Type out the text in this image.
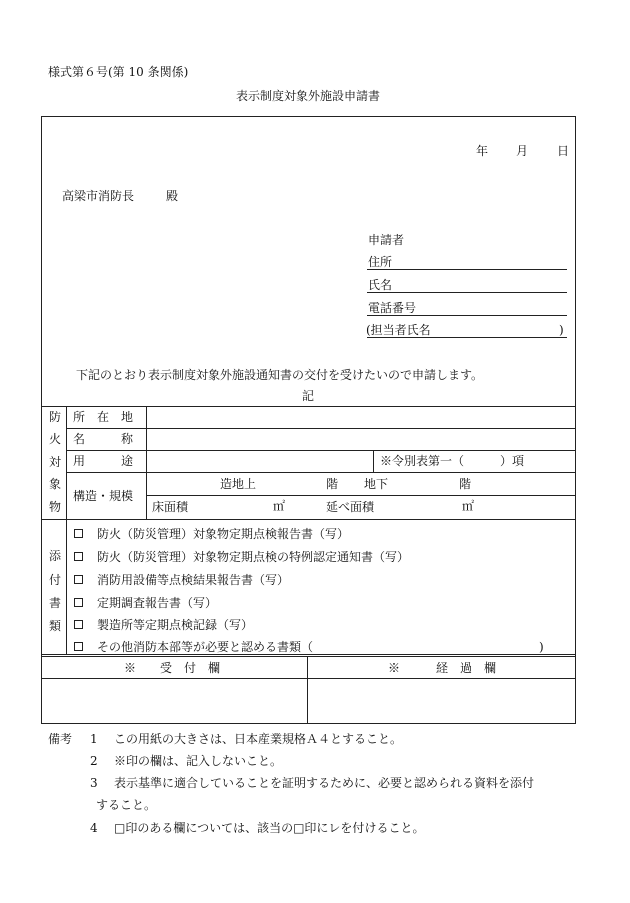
様式第６号(第 10 条関係)
表示制度対象外施設申請書
年 月 日
高梁市消防長	殿
申請者
住所
氏名
電話番号
(担当者氏名	)
下記のとおり表示制度対象外施設通知書の交付を受けたいので申請します。
記
防
火
対
象
物
所　在　地
名　　　称
用　　　途	※令別表第一（　　　）項
構造・規模
造地上	階 地下	階
床面積	㎡	延べ面積	㎡
添
付
書
類
防火（防災管理）対象物定期点検報告書（写）
防火（防災管理）対象物定期点検の特例認定通知書（写）
消防用設備等点検結果報告書（写）
定期調査報告書（写）
製造所等定期点検記録（写）
その他消防本部等が必要と認める書類（	)
※　　受　付　欄	※　　　経　過　欄
備考 1 この用紙の大きさは、日本産業規格Ａ４とすること。
2 ※印の欄は、記入しないこと。
3 表示基準に適合していることを証明するために、必要と認められる資料を添付
すること。
4 □印のある欄については、該当の□印にレを付けること。
